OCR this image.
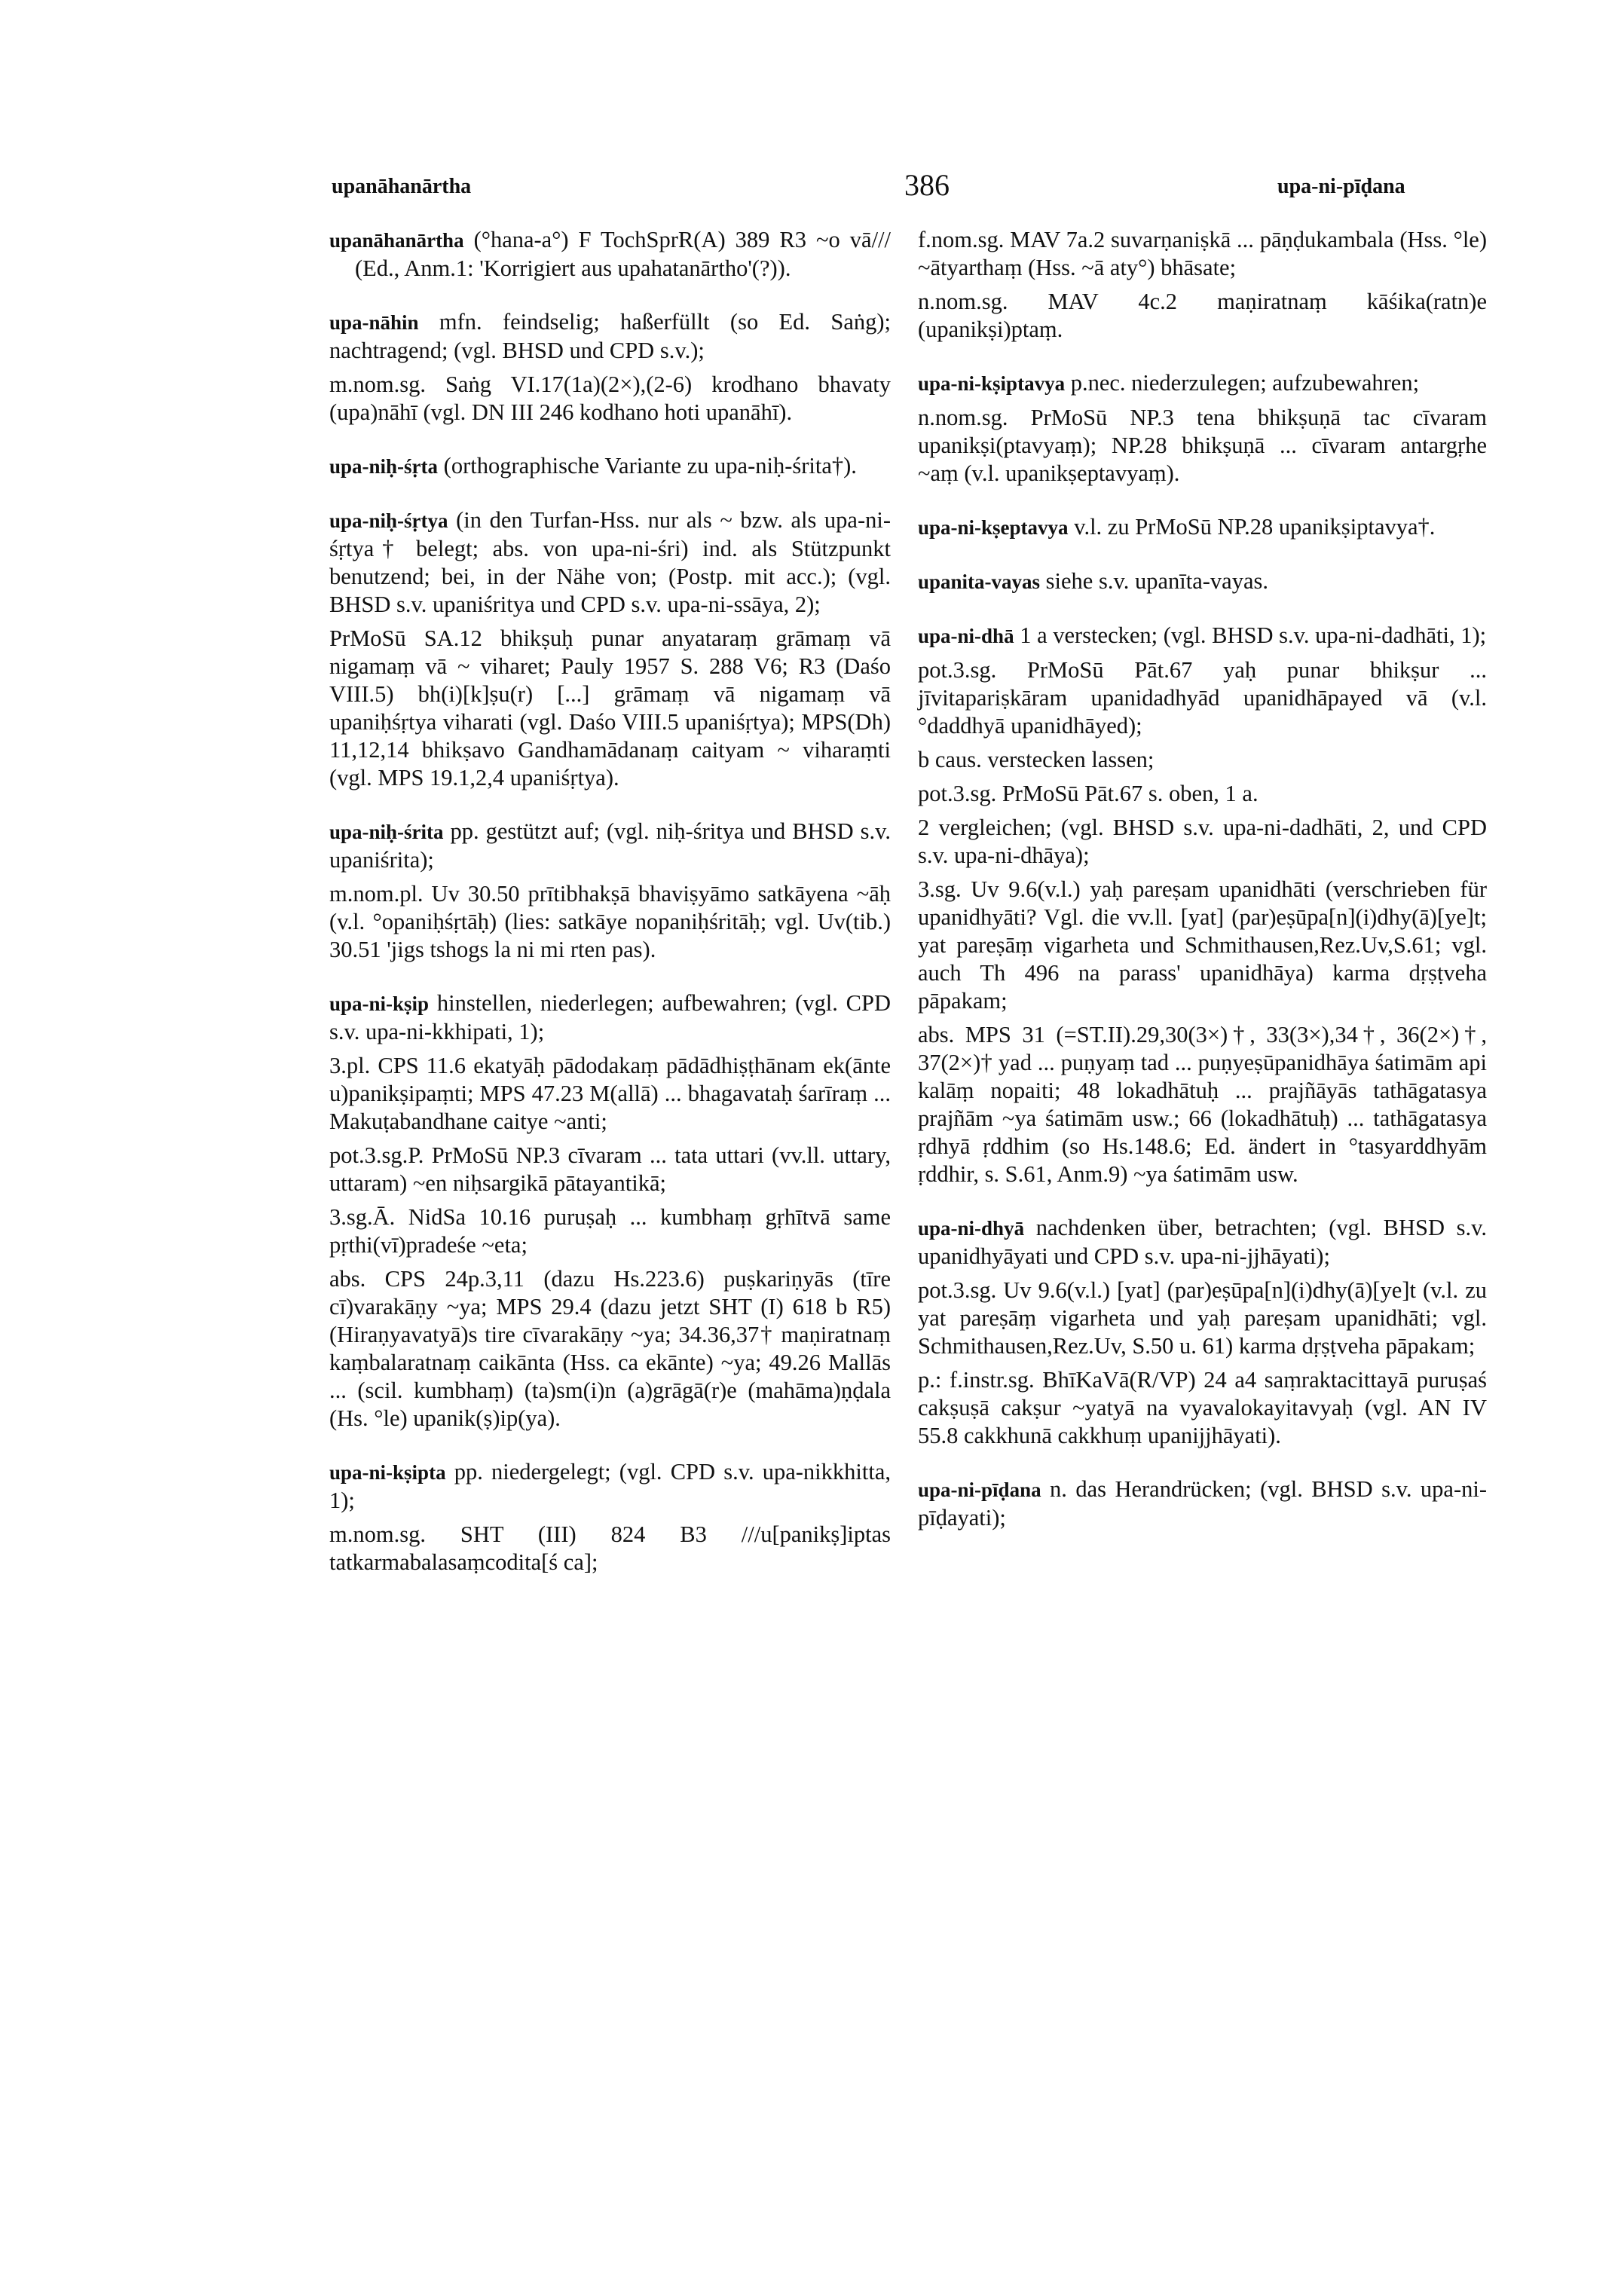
upanāhanārtha	386	upa-ni-pīḍana

upanāhanārtha (°hana-a°) F TochSprR(A) 389 R3 ~o vā/// (Ed., Anm.1: 'Korrigiert aus upahatanārtho'(?)).

upa-nāhin mfn. feindselig; haßerfüllt (so Ed. Saṅg); nachtragend; (vgl. BHSD und CPD s.v.);

m.nom.sg. Saṅg VI.17(1a)(2×),(2-6) krodhano bhavaty (upa)nāhī (vgl. DN III 246 kodhano hoti upanāhī).

upa-niḥ-śṛta (orthographische Variante zu upa-niḥ-śrita†).

upa-niḥ-śṛtya (in den Turfan-Hss. nur als ~ bzw. als upa-ni-śṛtya† belegt; abs. von upa-ni-śri) ind. als Stützpunkt benutzend; bei, in der Nähe von; (Postp. mit acc.); (vgl. BHSD s.v. upaniśritya und CPD s.v. upa-ni-ssāya, 2);

PrMoSū SA.12 bhikṣuḥ punar anyataraṃ grāmaṃ vā nigamaṃ vā ~ viharet; Pauly 1957 S. 288 V6; R3 (Daśo VIII.5) bh(i)[k]ṣu(r) [...] grāmaṃ vā nigamaṃ vā upaniḥśṛtya viharati (vgl. Daśo VIII.5 upaniśṛtya); MPS(Dh) 11,12,14 bhikṣavo Gandhamādanaṃ caityam ~ viharaṃti (vgl. MPS 19.1,2,4 upaniśṛtya).

upa-niḥ-śrita pp. gestützt auf; (vgl. niḥ-śritya und BHSD s.v. upaniśrita);

m.nom.pl. Uv 30.50 prītibhakṣā bhaviṣyāmo satkāyena ~āḥ (v.l. °opaniḥśṛtāḥ) (lies: satkāye nopaniḥśritāḥ; vgl. Uv(tib.) 30.51 'jigs tshogs la ni mi rten pas).

upa-ni-kṣip hinstellen, niederlegen; aufbewahren; (vgl. CPD s.v. upa-ni-kkhipati, 1);

3.pl. CPS 11.6 ekatyāḥ pādodakaṃ pādādhiṣṭhānam ek(ānte u)panikṣipaṃti; MPS 47.23 M(allā) ... bhagavataḥ śarīraṃ ... Makuṭabandhane caitye ~anti;

pot.3.sg.P. PrMoSū NP.3 cīvaram ... tata uttari (vv.ll. uttary, uttaram) ~en niḥsargikā pātayantikā;

3.sg.Ā. NidSa 10.16 puruṣaḥ ... kumbhaṃ gṛhītvā same pṛthi(vī)pradeśe ~eta;

abs. CPS 24p.3,11 (dazu Hs.223.6) puṣkariṇyās (tīre cī)varakāṇy ~ya; MPS 29.4 (dazu jetzt SHT (I) 618 b R5) (Hiraṇyavatyā)s tire cīvarakāṇy ~ya; 34.36,37† maṇiratnaṃ kaṃbalaratnaṃ caikānta (Hss. ca ekānte) ~ya; 49.26 Mallās ... (scil. kumbhaṃ) (ta)sm(i)n (a)grāgā(r)e (mahāma)ṇḍala (Hs. °le) upanik(ṣ)ip(ya).

upa-ni-kṣipta pp. niedergelegt; (vgl. CPD s.v. upa-nikkhitta, 1);

m.nom.sg. SHT (III) 824 B3 ///u[panikṣ]iptas tatkarmabalasaṃcodita[ś ca];

f.nom.sg. MAV 7a.2 suvarṇaniṣkā ... pāṇḍukambala (Hss. °le) ~ātyarthaṃ (Hss. ~ā aty°) bhāsate;

n.nom.sg. MAV 4c.2 maṇiratnaṃ kāśika(ratn)e (upanikṣi)ptaṃ.

upa-ni-kṣiptavya p.nec. niederzulegen; aufzubewahren;

n.nom.sg. PrMoSū NP.3 tena bhikṣuṇā tac cīvaram upanikṣi(ptavyaṃ); NP.28 bhikṣuṇā ... cīvaram antargṛhe ~aṃ (v.l. upanikṣeptavyaṃ).

upa-ni-kṣeptavya v.l. zu PrMoSū NP.28 upanikṣiptavya†.

upanita-vayas siehe s.v. upanīta-vayas.

upa-ni-dhā 1 a verstecken; (vgl. BHSD s.v. upa-ni-dadhāti, 1);

pot.3.sg. PrMoSū Pāt.67 yaḥ punar bhikṣur ... jīvitapariṣkāram upanidadhyād upanidhāpayed vā (v.l. °daddhyā upanidhāyed);

b caus. verstecken lassen;

pot.3.sg. PrMoSū Pāt.67 s. oben, 1 a.

2 vergleichen; (vgl. BHSD s.v. upa-ni-dadhāti, 2, und CPD s.v. upa-ni-dhāya);

3.sg. Uv 9.6(v.l.) yaḥ pareṣam upanidhāti (verschrieben für upanidhyāti? Vgl. die vv.ll. [yat] (par)eṣūpa[n](i)dhy(ā)[ye]t; yat pareṣāṃ vigarheta und Schmithausen,Rez.Uv,S.61; vgl. auch Th 496 na parass' upanidhāya) karma dṛṣṭveha pāpakam;

abs. MPS 31 (=ST.II).29,30(3×)†, 33(3×),34†, 36(2×)†, 37(2×)† yad ... puṇyaṃ tad ... puṇyeṣūpanidhāya śatimām api kalāṃ nopaiti; 48 lokadhātuḥ ... prajñāyās tathāgatasya prajñām ~ya śatimām usw.; 66 (lokadhātuḥ) ... tathāgatasya ṛdhyā ṛddhim (so Hs.148.6; Ed. ändert in °tasyarddhyām ṛddhir, s. S.61, Anm.9) ~ya śatimām usw.

upa-ni-dhyā nachdenken über, betrachten; (vgl. BHSD s.v. upanidhyāyati und CPD s.v. upa-ni-jjhāyati);

pot.3.sg. Uv 9.6(v.l.) [yat] (par)eṣūpa[n](i)dhy(ā)[ye]t (v.l. zu yat pareṣāṃ vigarheta und yaḥ pareṣam upanidhāti; vgl. Schmithausen,Rez.Uv, S.50 u. 61) karma dṛṣṭveha pāpakam;

p.: f.instr.sg. BhīKaVā(R/VP) 24 a4 saṃraktacittayā puruṣaś cakṣuṣā cakṣur ~yatyā na vyavalokayitavyaḥ (vgl. AN IV 55.8 cakkhunā cakkhuṃ upanijjhāyati).

upa-ni-pīḍana n. das Herandrücken; (vgl. BHSD s.v. upa-ni-pīḍayati);
